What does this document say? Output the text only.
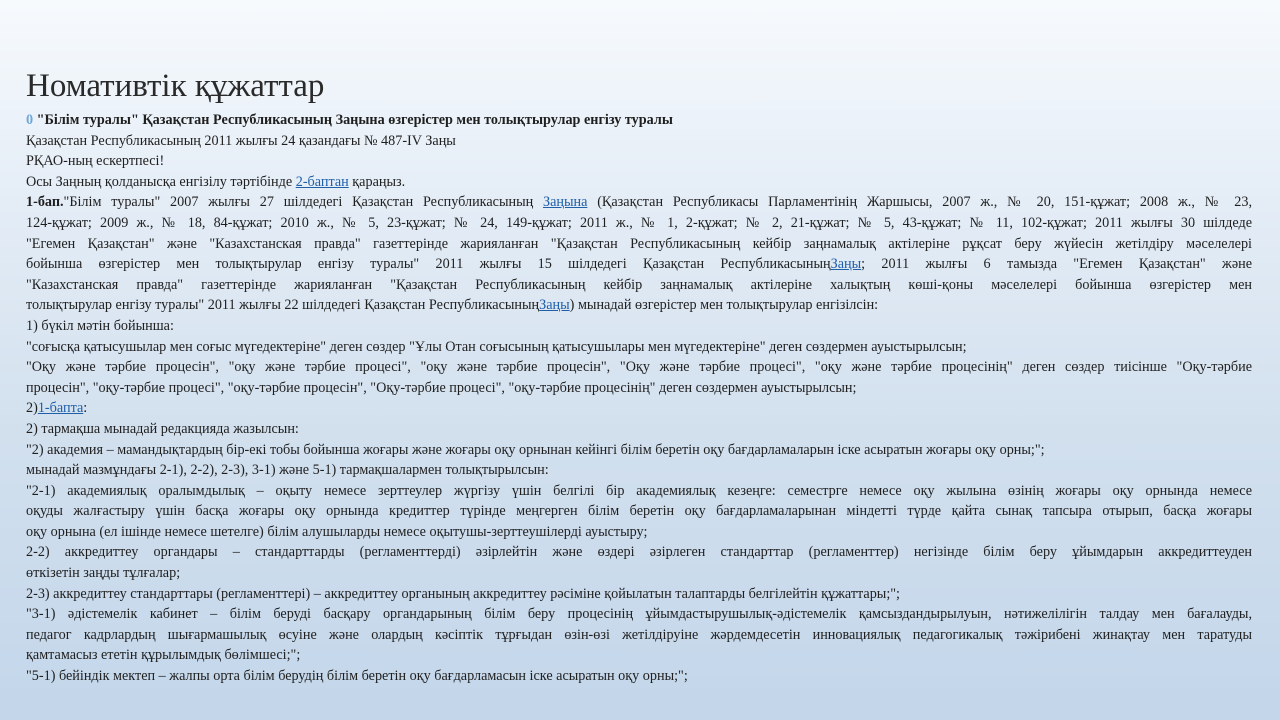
Номативтік құжаттар
0 "Білім туралы" Қазақстан Республикасының Заңына өзгерістер мен толықтырулар енгізу туралы
Қазақстан Республикасының 2011 жылғы 24 қазандағы № 487-IV Заңы
РҚАО-ның ескертпесі!
Осы Заңның қолданысқа енгізілу тәртібінде 2-баптан қараңыз.
1-бап."Білім туралы" 2007 жылғы 27 шілдедегі Қазақстан Республикасының Заңына (Қазақстан Республикасы Парламентінің Жаршысы, 2007 ж., № 20, 151-құжат; 2008 ж., № 23,
124-құжат; 2009 ж., № 18, 84-құжат; 2010 ж., № 5, 23-құжат; № 24, 149-құжат; 2011 ж., № 1, 2-құжат; № 2, 21-құжат; № 5, 43-құжат; № 11, 102-құжат; 2011 жылғы 30 шілдеде
"Егемен Қазақстан" және "Казахстанская правда" газеттерінде жарияланған "Қазақстан Республикасының кейбір заңнамалық актілеріне рұқсат беру жүйесін жетілдіру мәселелері
бойынша өзгерістер мен толықтырулар енгізу туралы" 2011 жылғы 15 шілдедегі Қазақстан РеспубликасыныңЗаңы; 2011 жылғы 6 тамызда "Егемен Қазақстан" және
"Казахстанская правда" газеттерінде жарияланған "Қазақстан Республикасының кейбір заңнамалық актілеріне халықтың көші-қоны мәселелері бойынша өзгерістер мен
толықтырулар енгізу туралы" 2011 жылғы 22 шілдедегі Қазақстан РеспубликасыныңЗаңы) мынадай өзгерістер мен толықтырулар енгізілсін:
1) бүкіл мәтін бойынша:
"соғысқа қатысушылар мен соғыс мүгедектеріне" деген сөздер "Ұлы Отан соғысының қатысушылары мен мүгедектеріне" деген сөздермен ауыстырылсын;
"Оқу және тәрбие процесін", "оқу және тәрбие процесі", "оқу және тәрбие процесін", "Оқу және тәрбие процесі", "оқу және тәрбие процесінің" деген сөздер тиісінше "Оқу-тәрбие
процесін", "оқу-тәрбие процесі", "оқу-тәрбие процесін", "Оқу-тәрбие процесі", "оқу-тәрбие процесінің" деген сөздермен ауыстырылсын;
2)1-бапта:
2) тармақша мынадай редакцияда жазылсын:
"2) академия – мамандықтардың бір-екі тобы бойынша жоғары және жоғары оқу орнынан кейінгі білім беретін оқу бағдарламаларын іске асыратын жоғары оқу орны;";
мынадай мазмұндағы 2-1), 2-2), 2-3), 3-1) және 5-1) тармақшалармен толықтырылсын:
"2-1) академиялық оралымдылық – оқыту немесе зерттеулер жүргізу үшін белгілі бір академиялық кезеңге: семестрге немесе оқу жылына өзінің жоғары оқу орнында немесе
оқуды жалғастыру үшін басқа жоғары оқу орнында кредиттер түрінде меңгерген білім беретін оқу бағдарламаларынан міндетті түрде қайта сынақ тапсыра отырып, басқа жоғары
оқу орнына (ел ішінде немесе шетелге) білім алушыларды немесе оқытушы-зерттеушілерді ауыстыру;
2-2) аккредиттеу органдары – стандарттарды (регламенттерді) әзірлейтін және өздері әзірлеген стандарттар (регламенттер) негізінде білім беру ұйымдарын аккредиттеуден
өткізетін заңды тұлғалар;
2-3) аккредиттеу стандарттары (регламенттері) – аккредиттеу органының аккредиттеу рәсіміне қойылатын талаптарды белгілейтін құжаттары;";
"3-1) әдістемелік кабинет – білім беруді басқару органдарының білім беру процесінің ұйымдастырушылық-әдістемелік қамсыздандырылуын, нәтижелілігін талдау мен бағалауды,
педагог кадрлардың шығармашылық өсуіне және олардың кәсіптік тұрғыдан өзін-өзі жетілдіруіне жәрдемдесетін инновациялық педагогикалық тәжірибені жинақтау мен таратуды
қамтамасыз ететін құрылымдық бөлімшесі;";
"5-1) бейіндік мектеп – жалпы орта білім берудің білім беретін оқу бағдарламасын іске асыратын оқу орны;";
